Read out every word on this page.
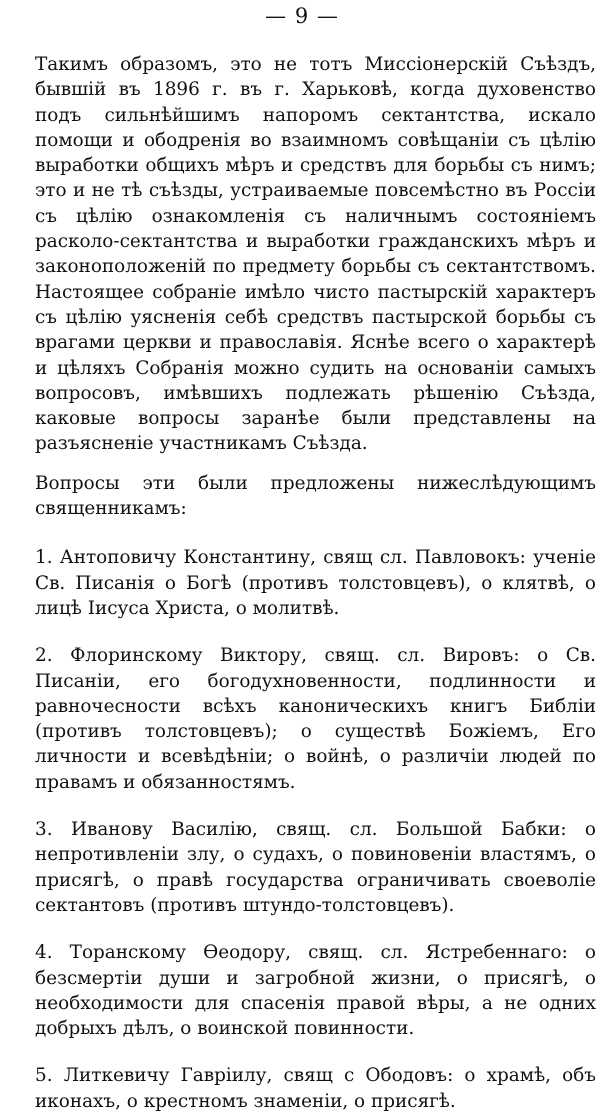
— 9 —

Такимъ образомъ, это не тотъ Миссіонерскій Съѣздъ, бывшій въ 1896 г. въ г. Харьковѣ, когда духовенство подъ сильнѣйшимъ напоромъ сектантства, искало помощи и ободренія во взаимномъ совѣщаніи съ цѣлію выработки общихъ мѣръ и средствъ для борьбы съ нимъ; это и не тѣ съѣзды, устраиваемые повсемѣстно въ Россіи съ цѣлію ознакомленія съ наличнымъ состояніемъ расколо-сектантства и выработки гражданскихъ мѣръ и законоположеній по предмету борьбы съ сектантствомъ. Настоящее собраніе имѣло чисто пастырскій характеръ съ цѣлію уясненія себѣ средствъ пастырской борьбы съ врагами церкви и православія. Яснѣе всего о характерѣ и цѣляхъ Собранія можно судить на основаніи самыхъ вопросовъ, имѣвшихъ подлежать рѣшенію Съѣзда, каковые вопросы заранѣе были представлены на разъясненіе участникамъ Съѣзда.

Вопросы эти были предложены нижеслѣдующимъ священникамъ:

1. Антоповичу Константину, свящ сл. Павловокъ: ученіе Св. Писанія о Богѣ (противъ толстовцевъ), о клятвѣ, о лицѣ Іисуса Христа, о молитвѣ.

2. Флоринскому Виктору, свящ. сл. Вировъ: о Св. Писаніи, его богодухновенности, подлинности и равночесности всѣхъ каноническихъ книгъ Библіи (противъ толстовцевъ); о существѣ Божіемъ, Его личности и всевѣдѣніи; о войнѣ, о различіи людей по правамъ и обязанностямъ.

3. Иванову Василію, свящ. сл. Большой Бабки: о непротивленіи злу, о судахъ, о повиновеніи властямъ, о присягѣ, о правѣ государства ограничивать своеволіе сектантовъ (противъ штундо-толстовцевъ).

4. Торанскому Ѳеодору, свящ. сл. Ястребеннаго: о безсмертіи души и загробной жизни, о присягѣ, о необходимости для спасенія правой вѣры, а не одних добрыхъ дѣлъ, о воинской повинности.

5. Литкевичу Гавріилу, свящ с Ободовъ: о храмѣ, объ иконахъ, о крестномъ знаменіи, о присягѣ.
